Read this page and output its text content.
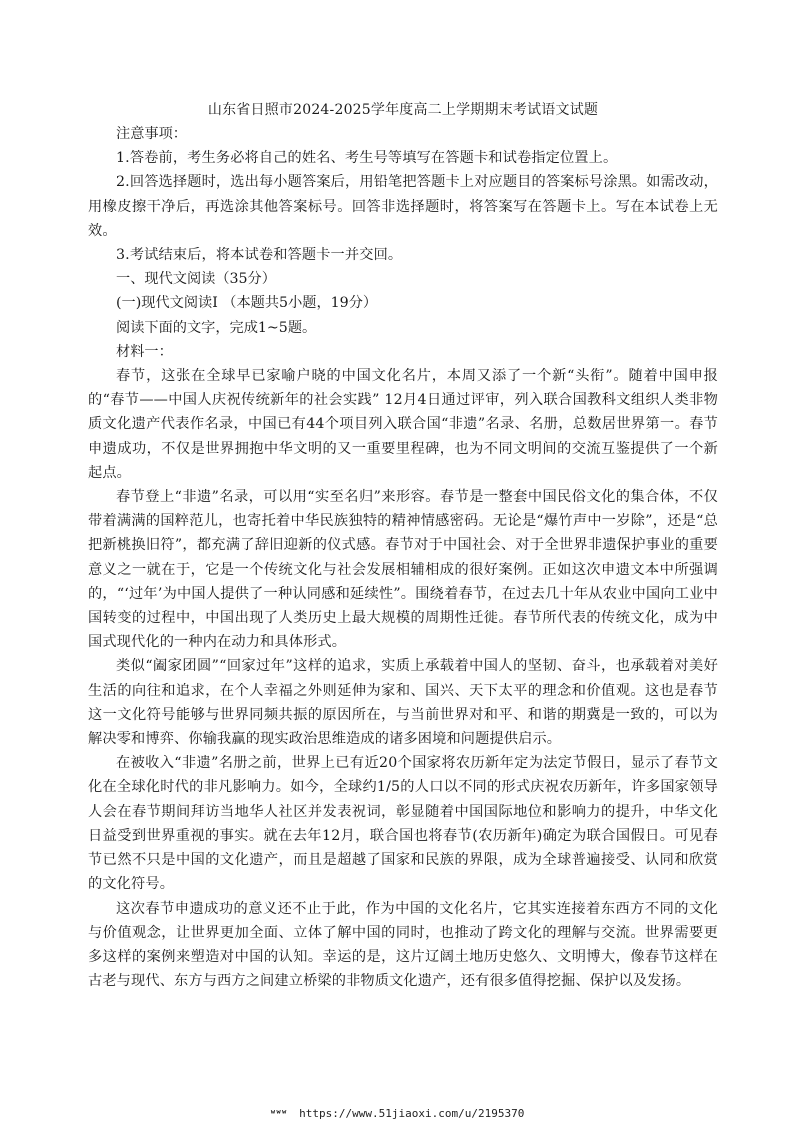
山东省日照市2024-2025学年度高二上学期期末考试语文试题

注意事项：

1.答卷前，考生务必将自己的姓名、考生号等填写在答题卡和试卷指定位置上。

2.回答选择题时，选出每小题答案后，用铅笔把答题卡上对应题目的答案标号涂黑。如需改动，用橡皮擦干净后，再选涂其他答案标号。回答非选择题时，将答案写在答题卡上。写在本试卷上无效。

3.考试结束后，将本试卷和答题卡一并交回。

一、现代文阅读（35分）

(一)现代文阅读Ⅰ （本题共5小题，19分）

阅读下面的文字，完成1~5题。

材料一：

春节，这张在全球早已家喻户晓的中国文化名片，本周又添了一个新“头衔”。随着中国申报的“春节——中国人庆祝传统新年的社会实践” 12月4日通过评审，列入联合国教科文组织人类非物质文化遗产代表作名录，中国已有44个项目列入联合国“非遗”名录、名册，总数居世界第一。春节申遗成功，不仅是世界拥抱中华文明的又一重要里程碑，也为不同文明间的交流互鉴提供了一个新起点。

春节登上“非遗”名录，可以用“实至名归”来形容。春节是一整套中国民俗文化的集合体，不仅带着满满的国粹范儿，也寄托着中华民族独特的精神情感密码。无论是“爆竹声中一岁除”，还是“总把新桃换旧符”，都充满了辞旧迎新的仪式感。春节对于中国社会、对于全世界非遗保护事业的重要意义之一就在于，它是一个传统文化与社会发展相辅相成的很好案例。正如这次申遗文本中所强调的，“‘过年’为中国人提供了一种认同感和延续性”。围绕着春节，在过去几十年从农业中国向工业中国转变的过程中，中国出现了人类历史上最大规模的周期性迁徙。春节所代表的传统文化，成为中国式现代化的一种内在动力和具体形式。

类似“阖家团圆”“回家过年”这样的追求，实质上承载着中国人的坚韧、奋斗，也承载着对美好生活的向往和追求，在个人幸福之外则延伸为家和、国兴、天下太平的理念和价值观。这也是春节这一文化符号能够与世界同频共振的原因所在，与当前世界对和平、和谐的期冀是一致的，可以为解决零和博弈、你输我赢的现实政治思维造成的诸多困境和问题提供启示。

在被收入“非遗”名册之前，世界上已有近20个国家将农历新年定为法定节假日，显示了春节文化在全球化时代的非凡影响力。如今，全球约1/5的人口以不同的形式庆祝农历新年，许多国家领导人会在春节期间拜访当地华人社区并发表祝词，彰显随着中国国际地位和影响力的提升，中华文化日益受到世界重视的事实。就在去年12月，联合国也将春节(农历新年)确定为联合国假日。可见春节已然不只是中国的文化遗产，而且是超越了国家和民族的界限，成为全球普遍接受、认同和欣赏的文化符号。

这次春节申遗成功的意义还不止于此，作为中国的文化名片，它其实连接着东西方不同的文化与价值观念，让世界更加全面、立体了解中国的同时，也推动了跨文化的理解与交流。世界需要更多这样的案例来塑造对中国的认知。幸运的是，这片辽阔土地历史悠久、文明博大，像春节这样在古老与现代、东方与西方之间建立桥梁的非物质文化遗产，还有很多值得挖掘、保护以及发扬。

ʷʷʷ https://www.51jiaoxi.com/u/2195370
